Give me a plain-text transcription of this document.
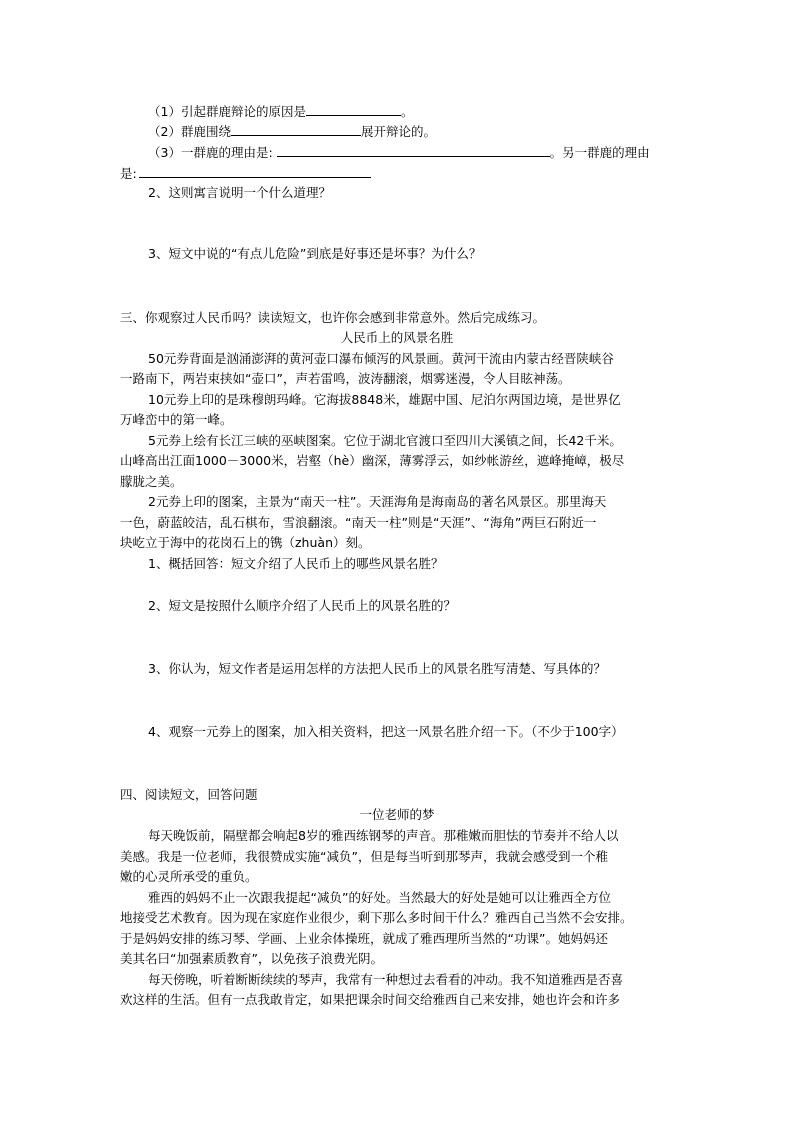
（1）引起群鹿辩论的原因是	。
（2）群鹿围绕	展开辩论的。
（3）一群鹿的理由是:	。另一群鹿的理由
是:
2、这则寓言说明一个什么道理？
3、短文中说的“有点儿危险”到底是好事还是坏事？为什么？
三、你观察过人民币吗？读读短文，也许你会感到非常意外。然后完成练习。
人民币上的风景名胜
50元券背面是汹涌澎湃的黄河壶口瀑布倾泻的风景画。黄河干流由内蒙古经晋陕峡谷
一路南下，两岩束挟如“壶口”，声若雷鸣，波涛翻滚，烟雾迷漫，令人目眩神荡。
10元券上印的是珠穆朗玛峰。它海拔8848米，雄踞中国、尼泊尔两国边境，是世界亿
万峰峦中的第一峰。
5元券上绘有长江三峡的巫峡图案。它位于湖北官渡口至四川大溪镇之间，长42千米。
山峰高出江面1000－3000米，岩壑（hè）幽深，薄雾浮云，如纱帐游丝，遮峰掩嶂，极尽
朦胧之美。
2元券上印的图案，主景为“南天一柱”。天涯海角是海南岛的著名风景区。那里海天
一色，蔚蓝皎洁，乱石棋布，雪浪翻滚。“南天一柱”则是“天涯”、“海角”两巨石附近一
块屹立于海中的花岗石上的镌（zhuàn）刻。
1、概括回答：短文介绍了人民币上的哪些风景名胜？
2、短文是按照什么顺序介绍了人民币上的风景名胜的？
3、你认为，短文作者是运用怎样的方法把人民币上的风景名胜写清楚、写具体的？
4、观察一元券上的图案，加入相关资料，把这一风景名胜介绍一下。（不少于100字）
四、阅读短文，回答问题
一位老师的梦
每天晚饭前，隔壁都会响起8岁的雅西练钢琴的声音。那稚嫩而胆怯的节奏并不给人以
美感。我是一位老师，我很赞成实施“减负”，但是每当听到那琴声，我就会感受到一个稚
嫩的心灵所承受的重负。
雅西的妈妈不止一次跟我提起“减负”的好处。当然最大的好处是她可以让雅西全方位
地接受艺术教育。因为现在家庭作业很少，剩下那么多时间干什么？雅西自己当然不会安排。
于是妈妈安排的练习琴、学画、上业余体操班，就成了雅西理所当然的“功课”。她妈妈还
美其名曰“加强素质教育”，以免孩子浪费光阴。
每天傍晚，听着断断续续的琴声，我常有一种想过去看看的冲动。我不知道雅西是否喜
欢这样的生活。但有一点我敢肯定，如果把课余时间交给雅西自己来安排，她也许会和许多
